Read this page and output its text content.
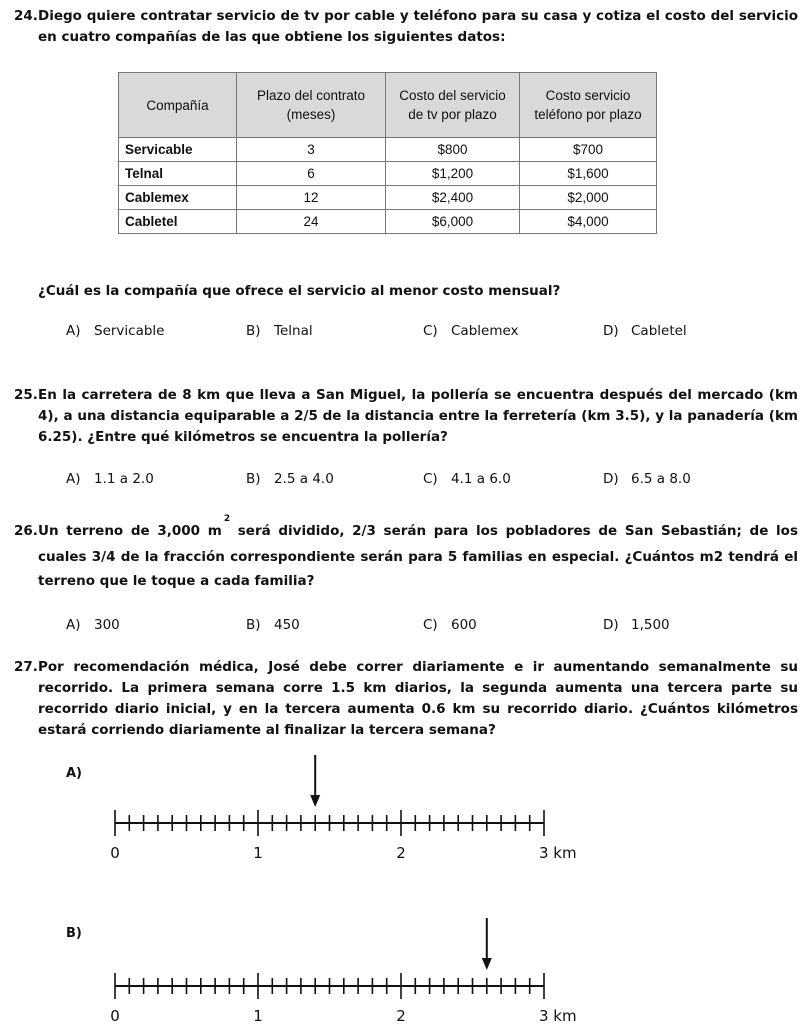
24. Diego quiere contratar servicio de tv por cable y teléfono para su casa y cotiza el costo del servicio en cuatro compañías de las que obtiene los siguientes datos:
Compañía	Plazo del contrato (meses)	Costo del servicio de tv por plazo	Costo servicio teléfono por plazo
Servicable	3	$800	$700
Telnal	6	$1,200	$1,600
Cablemex	12	$2,400	$2,000
Cabletel	24	$6,000	$4,000
¿Cuál es la compañía que ofrece el servicio al menor costo mensual?
A) Servicable	B) Telnal	C) Cablemex	D) Cabletel
25. En la carretera de 8 km que lleva a San Miguel, la pollería se encuentra después del mercado (km 4), a una distancia equiparable a 2/5 de la distancia entre la ferretería (km 3.5), y la panadería (km 6.25). ¿Entre qué kilómetros se encuentra la pollería?
A) 1.1 a 2.0	B) 2.5 a 4.0	C) 4.1 a 6.0	D) 6.5 a 8.0
26. Un terreno de 3,000 $m^2$ será dividido, 2/3 serán para los pobladores de San Sebastián; de los cuales 3/4 de la fracción correspondiente serán para 5 familias en especial. ¿Cuántos m2 tendrá el terreno que le toque a cada familia?
A) 300	B) 450	C) 600	D) 1,500
27. Por recomendación médica, José debe correr diariamente e ir aumentando semanalmente su recorrido. La primera semana corre 1.5 km diarios, la segunda aumenta una tercera parte su recorrido diario inicial, y en la tercera aumenta 0.6 km su recorrido diario. ¿Cuántos kilómetros estará corriendo diariamente al finalizar la tercera semana?
A)
0	1	2	3 km
B)
0	1	2	3 km
